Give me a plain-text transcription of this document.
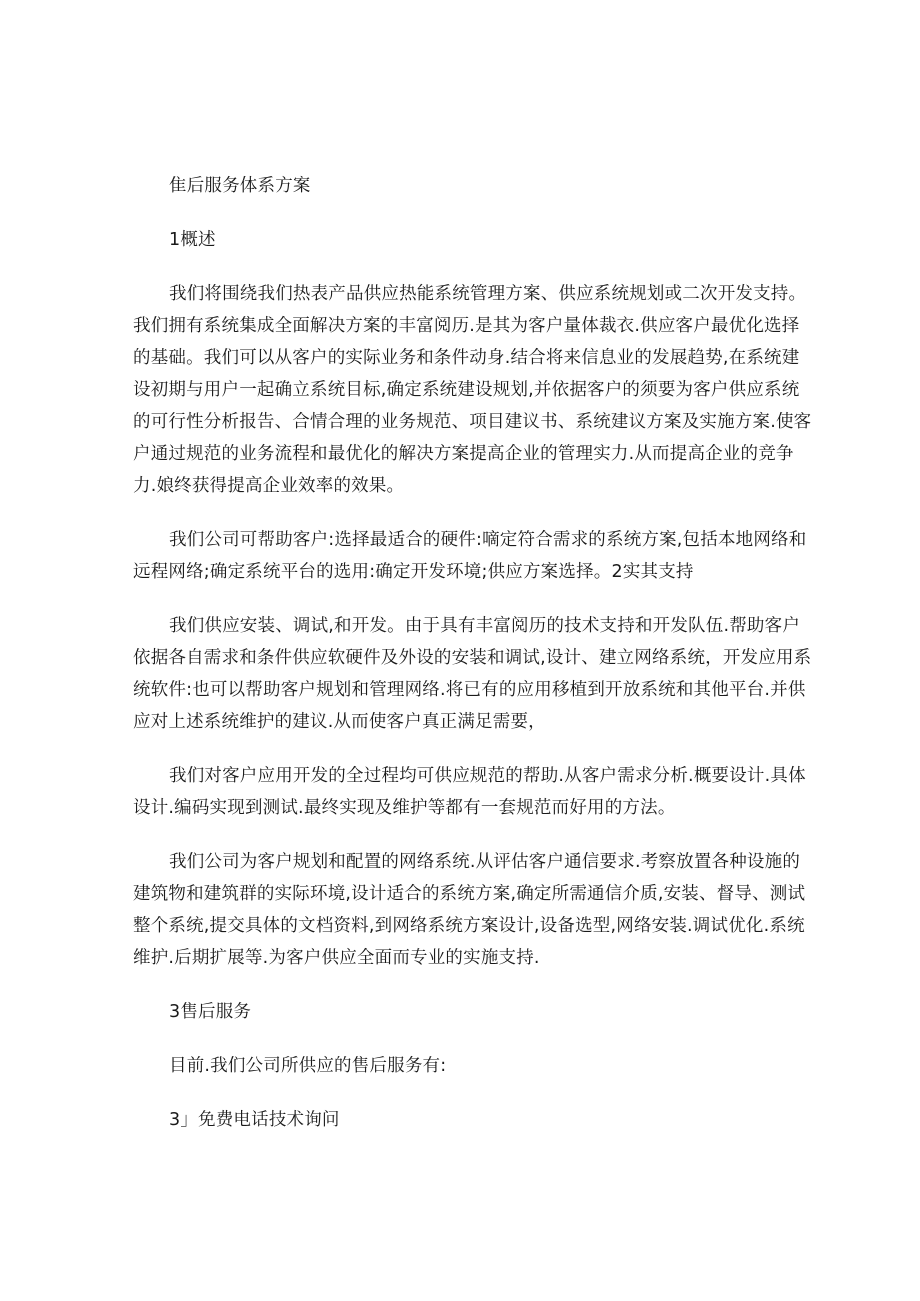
隹后服务体系方案
1概述
我们将围绕我们热表产品供应热能系统管理方案、供应系统规划或二次开发支持。
我们拥有系统集成全面解决方案的丰富阅历.是其为客户量体裁衣.供应客户最优化选择
的基础。我们可以从客户的实际业务和条件动身.结合将来信息业的发展趋势,在系统建
设初期与用户一起确立系统目标,确定系统建设规划,并依据客户的须要为客户供应系统
的可行性分析报告、合情合理的业务规范、项目建议书、系统建议方案及实施方案.使客
户通过规范的业务流程和最优化的解决方案提高企业的管理实力.从而提高企业的竞争
力.娘终获得提高企业效率的效果。
我们公司可帮助客户:选择最适合的硬件:嘀定符合需求的系统方案,包括本地网络和
远程网络;确定系统平台的选用:确定开发环境;供应方案选择。2实其支持
我们供应安装、调试,和开发。由于具有丰富阅历的技术支持和开发队伍.帮助客户
依据各自需求和条件供应软硬件及外设的安装和调试,设计、建立网络系统，开发应用系
统软件:也可以帮助客户规划和管理网络.将已有的应用移植到开放系统和其他平台.并供
应对上述系统维护的建议.从而使客户真正满足需要，
我们对客户应用开发的全过程均可供应规范的帮助.从客户需求分析.概要设计.具体
设计.编码实现到测试.最终实现及维护等都有一套规范而好用的方法。
我们公司为客户规划和配置的网络系统.从评估客户通信要求.考察放置各种设施的
建筑物和建筑群的实际环境,设计适合的系统方案,确定所需通信介质,安装、督导、测试
整个系统,提交具体的文档资料,到网络系统方案设计,设备选型,网络安装.调试优化.系统
维护.后期扩展等.为客户供应全面而专业的实施支持.
3售后服务
目前.我们公司所供应的售后服务有:
3」免费电话技术询问
